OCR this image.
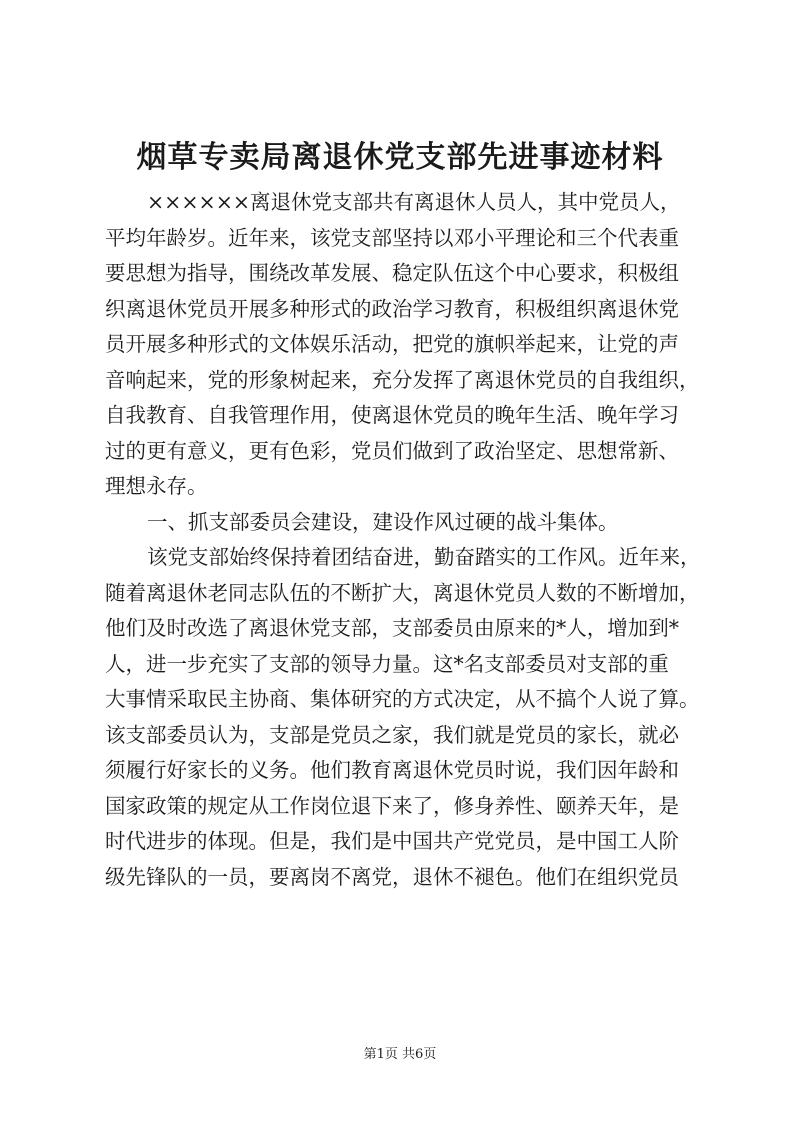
烟草专卖局离退休党支部先进事迹材料
××××××离退休党支部共有离退休人员人，其中党员人，
平均年龄岁。近年来，该党支部坚持以邓小平理论和三个代表重
要思想为指导，围绕改革发展、稳定队伍这个中心要求，积极组
织离退休党员开展多种形式的政治学习教育，积极组织离退休党
员开展多种形式的文体娱乐活动，把党的旗帜举起来，让党的声
音响起来，党的形象树起来，充分发挥了离退休党员的自我组织，
自我教育、自我管理作用，使离退休党员的晚年生活、晚年学习
过的更有意义，更有色彩，党员们做到了政治坚定、思想常新、
理想永存。
一、抓支部委员会建设，建设作风过硬的战斗集体。
该党支部始终保持着团结奋进，勤奋踏实的工作风。近年来，
随着离退休老同志队伍的不断扩大，离退休党员人数的不断增加，
他们及时改选了离退休党支部，支部委员由原来的*人，增加到*
人，进一步充实了支部的领导力量。这*名支部委员对支部的重
大事情采取民主协商、集体研究的方式决定，从不搞个人说了算。
该支部委员认为，支部是党员之家，我们就是党员的家长，就必
须履行好家长的义务。他们教育离退休党员时说，我们因年龄和
国家政策的规定从工作岗位退下来了，修身养性、颐养天年，是
时代进步的体现。但是，我们是中国共产党党员，是中国工人阶
级先锋队的一员，要离岗不离党，退休不褪色。他们在组织党员
第1页 共6页
